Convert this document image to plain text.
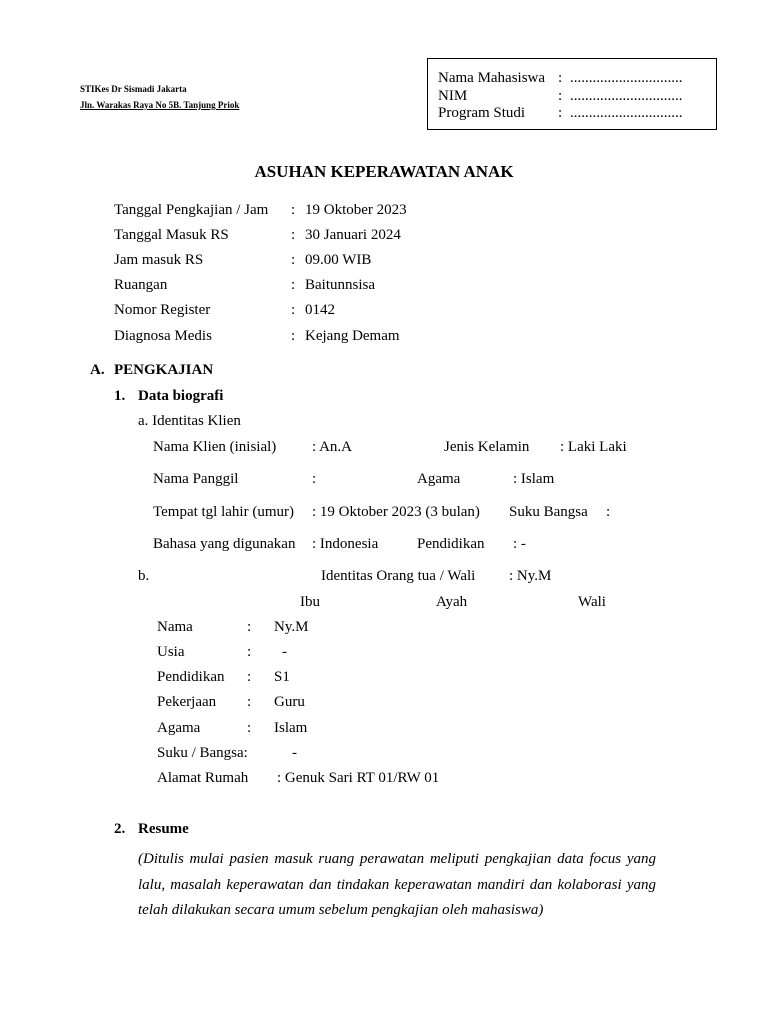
STIKes Dr Sismadi Jakarta
Jln. Warakas Raya No 5B. Tanjung Priok
Nama Mahasiswa : ..............................
NIM	: ..............................
Program Studi : ..............................
ASUHAN KEPERAWATAN ANAK
Tanggal Pengkajian / Jam : 19 Oktober 2023
Tanggal Masuk RS	: 30 Januari 2024
Jam masuk RS	: 09.00 WIB
Ruangan	: Baitunnsisa
Nomor Register	: 0142
Diagnosa Medis	: Kejang Demam
A. PENGKAJIAN
1. Data biografi
a. Identitas Klien
Nama Klien (inisial) : An.A	Jenis Kelamin : Laki Laki
Nama Panggil	:	Agama	: Islam
Tempat tgl lahir (umur) : 19 Oktober 2023 (3 bulan) Suku Bangsa :
Bahasa yang digunakan : Indonesia	Pendidikan : -
b.	Identitas Orang tua / Wali : Ny.M
Ibu	Ayah	Wali
Nama	: Ny.M
Usia	: -
Pendidikan : S1
Pekerjaan : Guru
Agama	: Islam
Suku / Bangsa:	-
Alamat Rumah : Genuk Sari RT 01/RW 01
2. Resume
(Ditulis mulai pasien masuk ruang perawatan meliputi pengkajian data focus yang lalu, masalah keperawatan dan tindakan keperawatan mandiri dan kolaborasi yang telah dilakukan secara umum sebelum pengkajian oleh mahasiswa)
